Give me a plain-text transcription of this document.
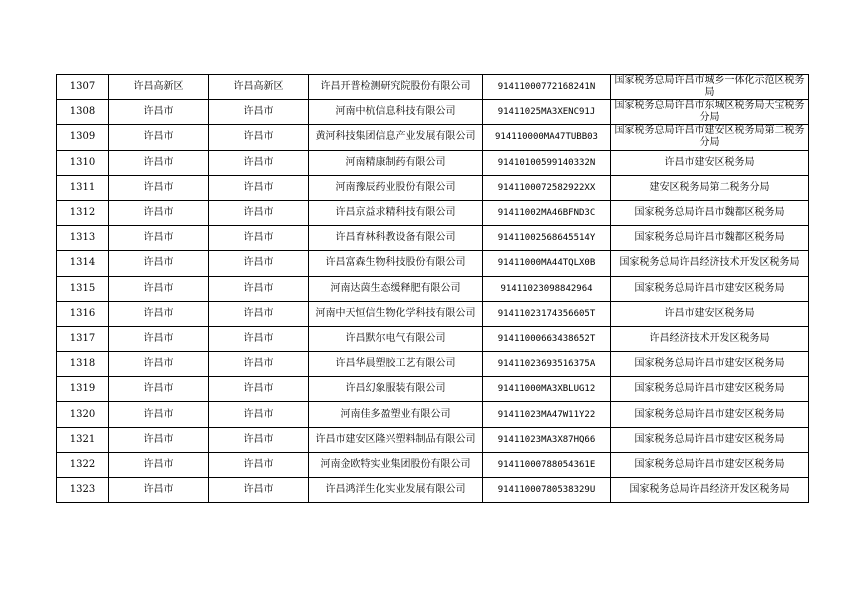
1307	许昌高新区	许昌高新区	许昌开普检测研究院股份有限公司	91411000772168241N	国家税务总局许昌市城乡一体化示范区税务局
1308	许昌市	许昌市	河南中杭信息科技有限公司	91411025MA3XENC91J	国家税务总局许昌市东城区税务局天宝税务分局
1309	许昌市	许昌市	黄河科技集团信息产业发展有限公司	914110000MA47TUBB03	国家税务总局许昌市建安区税务局第二税务分局
1310	许昌市	许昌市	河南精康制药有限公司	91410100599140332N	许昌市建安区税务局
1311	许昌市	许昌市	河南豫辰药业股份有限公司	9141100072582922XX	建安区税务局第二税务分局
1312	许昌市	许昌市	许昌京益求精科技有限公司	91411002MA46BFND3C	国家税务总局许昌市魏都区税务局
1313	许昌市	许昌市	许昌育林科教设备有限公司	91411002568645514Y	国家税务总局许昌市魏都区税务局
1314	许昌市	许昌市	许昌富森生物科技股份有限公司	91411000MA44TQLX0B	国家税务总局许昌经济技术开发区税务局
1315	许昌市	许昌市	河南达茵生态缓释肥有限公司	91411023098842964	国家税务总局许昌市建安区税务局
1316	许昌市	许昌市	河南中天恒信生物化学科技有限公司	91411023174356605T	许昌市建安区税务局
1317	许昌市	许昌市	许昌默尔电气有限公司	91411000663438652T	许昌经济技术开发区税务局
1318	许昌市	许昌市	许昌华晨塑胶工艺有限公司	91411023693516375A	国家税务总局许昌市建安区税务局
1319	许昌市	许昌市	许昌幻象服装有限公司	91411000MA3XBLUG12	国家税务总局许昌市建安区税务局
1320	许昌市	许昌市	河南佳多盈塑业有限公司	91411023MA47W11Y22	国家税务总局许昌市建安区税务局
1321	许昌市	许昌市	许昌市建安区隆兴塑料制品有限公司	91411023MA3X87HQ66	国家税务总局许昌市建安区税务局
1322	许昌市	许昌市	河南金欧特实业集团股份有限公司	91411000788054361E	国家税务总局许昌市建安区税务局
1323	许昌市	许昌市	许昌鸿洋生化实业发展有限公司	91411000780538329U	国家税务总局许昌经济开发区税务局
